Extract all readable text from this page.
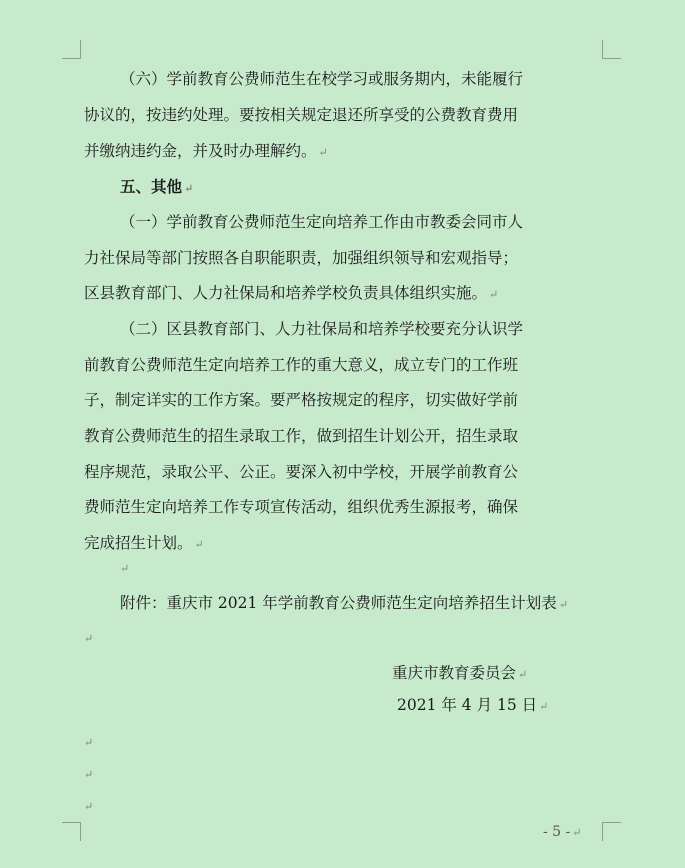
（六）学前教育公费师范生在校学习或服务期内，未能履行
协议的，按违约处理。要按相关规定退还所享受的公费教育费用
并缴纳违约金，并及时办理解约。 ↵
五、其他 ↵
（一）学前教育公费师范生定向培养工作由市教委会同市人
力社保局等部门按照各自职能职责，加强组织领导和宏观指导；
区县教育部门、人力社保局和培养学校负责具体组织实施。 ↵
（二）区县教育部门、人力社保局和培养学校要充分认识学
前教育公费师范生定向培养工作的重大意义，成立专门的工作班
子，制定详实的工作方案。要严格按规定的程序，切实做好学前
教育公费师范生的招生录取工作，做到招生计划公开，招生录取
程序规范，录取公平、公正。要深入初中学校，开展学前教育公
费师范生定向培养工作专项宣传活动，组织优秀生源报考，确保
完成招生计划。 ↵
↵
附件：重庆市 2021 年学前教育公费师范生定向培养招生计划表 ↵
↵
重庆市教育委员会 ↵
2021 年 4 月 15 日 ↵
↵
↵
↵
- 5 - ↵
